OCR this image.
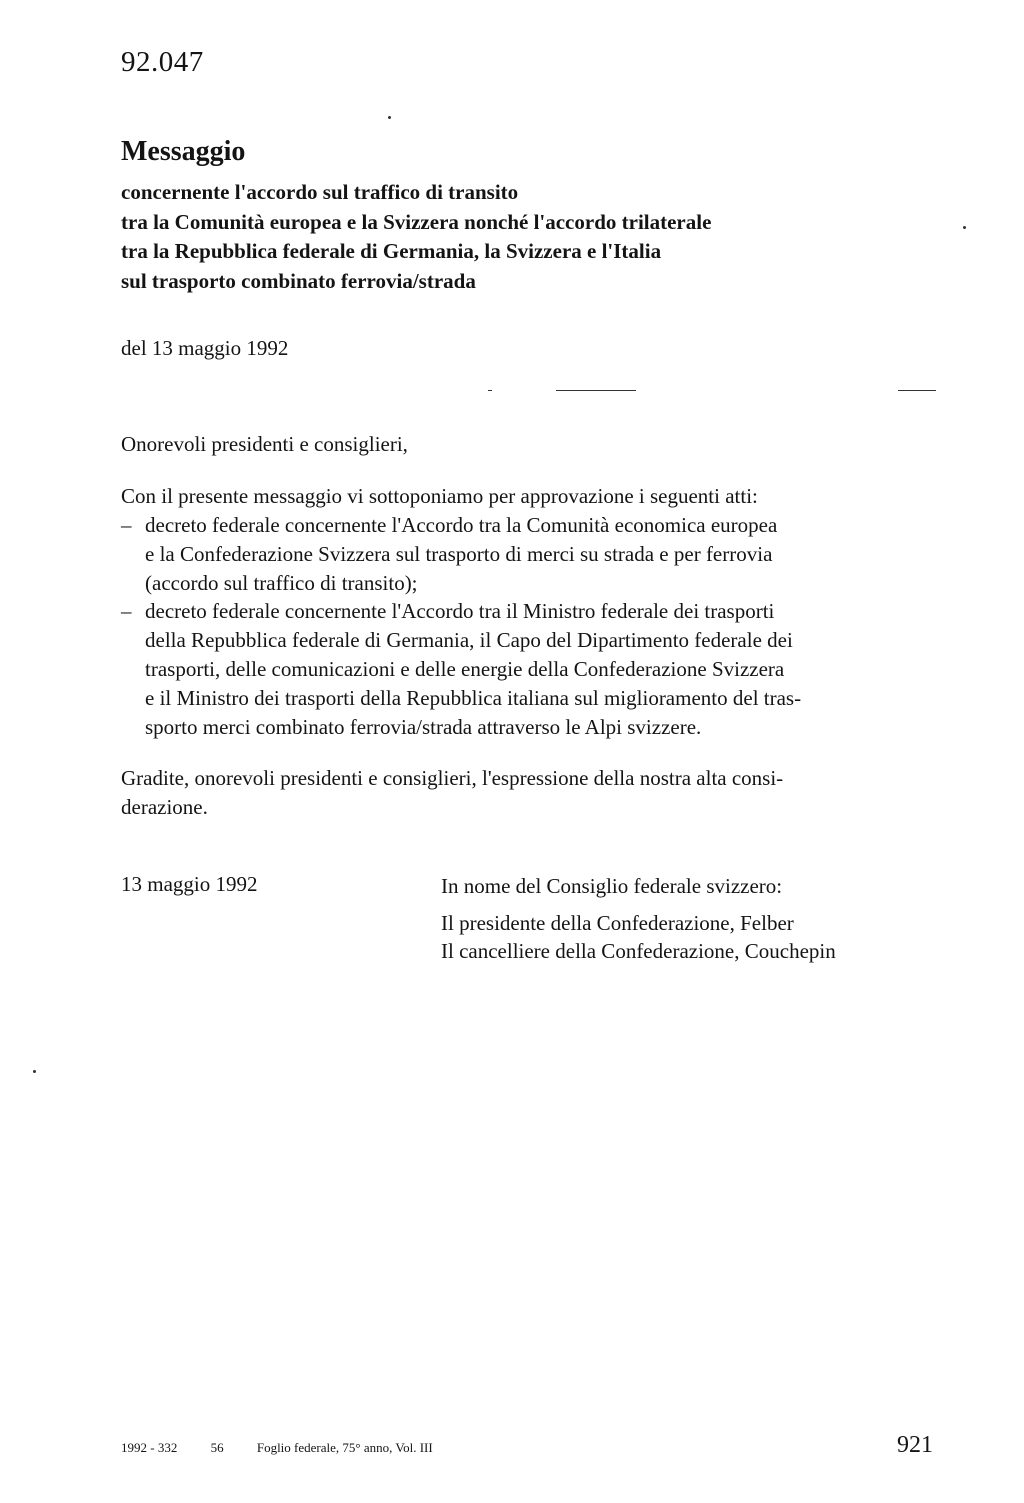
92.047
Messaggio
concernente l'accordo sul traffico di transito
tra la Comunità europea e la Svizzera nonché l'accordo trilaterale
tra la Repubblica federale di Germania, la Svizzera e l'Italia
sul trasporto combinato ferrovia/strada
del 13 maggio 1992
Onorevoli presidenti e consiglieri,
Con il presente messaggio vi sottoponiamo per approvazione i seguenti atti:
– decreto federale concernente l'Accordo tra la Comunità economica europea
e la Confederazione Svizzera sul trasporto di merci su strada e per ferrovia
(accordo sul traffico di transito);
– decreto federale concernente l'Accordo tra il Ministro federale dei trasporti
della Repubblica federale di Germania, il Capo del Dipartimento federale dei
trasporti, delle comunicazioni e delle energie della Confederazione Svizzera
e il Ministro dei trasporti della Repubblica italiana sul miglioramento del tras-
sporto merci combinato ferrovia/strada attraverso le Alpi svizzere.
Gradite, onorevoli presidenti e consiglieri, l'espressione della nostra alta consi-
derazione.
13 maggio 1992	In nome del Consiglio federale svizzero:
Il presidente della Confederazione, Felber
Il cancelliere della Confederazione, Couchepin
1992 - 332	56	Foglio federale, 75° anno, Vol. III	921
